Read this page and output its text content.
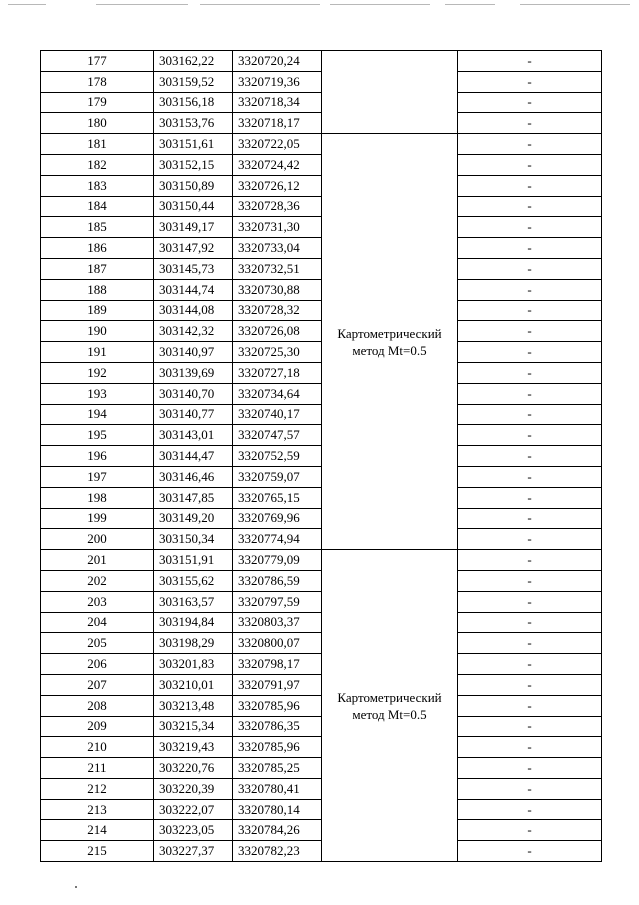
177	303162,22	3320720,24		-
178	303159,52	3320719,36		-
179	303156,18	3320718,34		-
180	303153,76	3320718,17		-
181	303151,61	3320722,05	Картометрический
метод Mt=0.5	-
182	303152,15	3320724,42		-
183	303150,89	3320726,12		-
184	303150,44	3320728,36		-
185	303149,17	3320731,30		-
186	303147,92	3320733,04		-
187	303145,73	3320732,51		-
188	303144,74	3320730,88		-
189	303144,08	3320728,32		-
190	303142,32	3320726,08		-
191	303140,97	3320725,30		-
192	303139,69	3320727,18		-
193	303140,70	3320734,64		-
194	303140,77	3320740,17		-
195	303143,01	3320747,57		-
196	303144,47	3320752,59		-
197	303146,46	3320759,07		-
198	303147,85	3320765,15		-
199	303149,20	3320769,96		-
200	303150,34	3320774,94		-
201	303151,91	3320779,09	Картометрический
метод Mt=0.5	-
202	303155,62	3320786,59		-
203	303163,57	3320797,59		-
204	303194,84	3320803,37		-
205	303198,29	3320800,07		-
206	303201,83	3320798,17		-
207	303210,01	3320791,97		-
208	303213,48	3320785,96		-
209	303215,34	3320786,35		-
210	303219,43	3320785,96		-
211	303220,76	3320785,25		-
212	303220,39	3320780,41		-
213	303222,07	3320780,14		-
214	303223,05	3320784,26		-
215	303227,37	3320782,23		-
